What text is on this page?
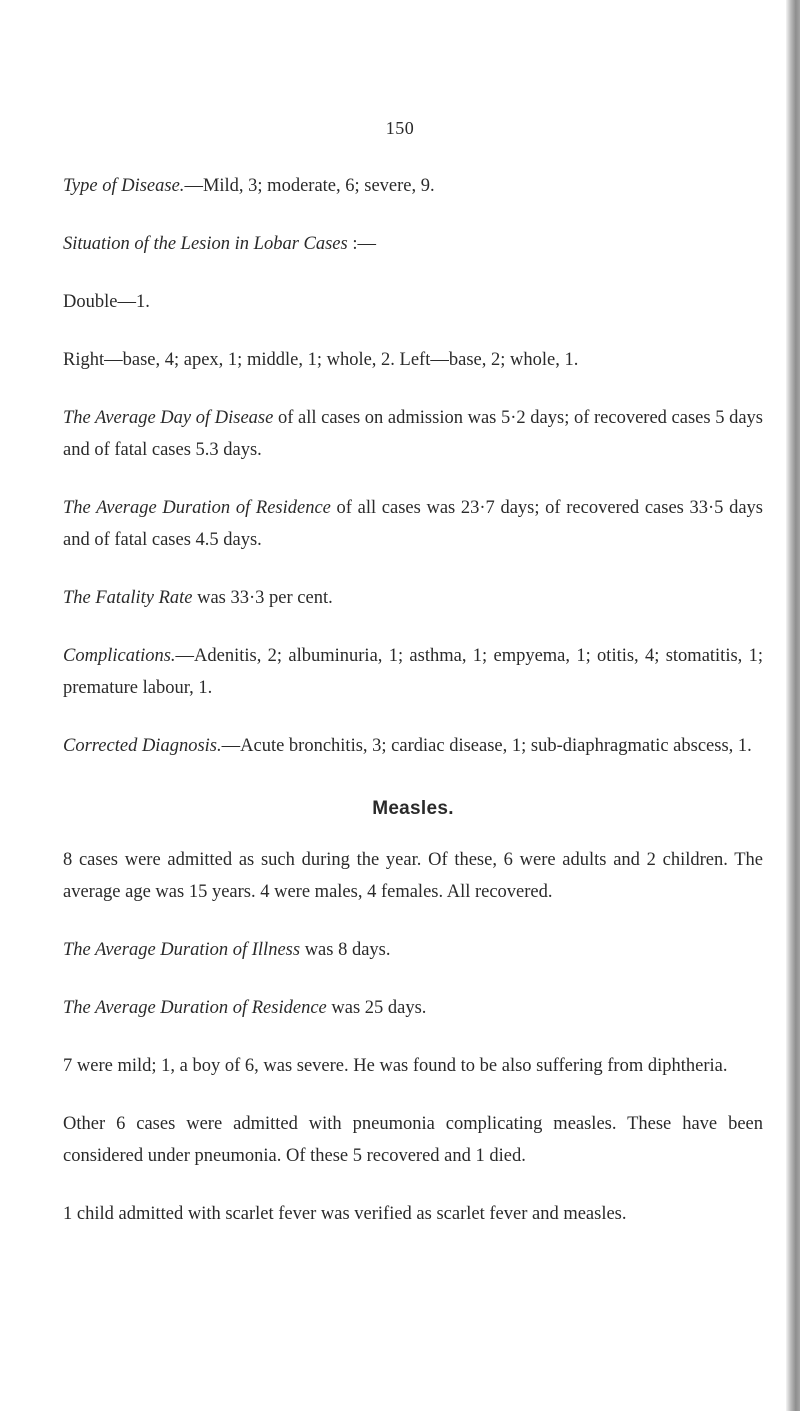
150

Type of Disease.—Mild, 3; moderate, 6; severe, 9.

Situation of the Lesion in Lobar Cases :—

Double—1.

Right—base, 4; apex, 1; middle, 1; whole, 2. Left—base, 2; whole, 1.

The Average Day of Disease of all cases on admission was 5·2 days; of recovered cases 5 days and of fatal cases 5.3 days.

The Average Duration of Residence of all cases was 23·7 days; of recovered cases 33·5 days and of fatal cases 4.5 days.

The Fatality Rate was 33·3 per cent.

Complications.—Adenitis, 2; albuminuria, 1; asthma, 1; empyema, 1; otitis, 4; stomatitis, 1; premature labour, 1.

Corrected Diagnosis.—Acute bronchitis, 3; cardiac disease, 1; sub-diaphragmatic abscess, 1.

Measles.

8 cases were admitted as such during the year. Of these, 6 were adults and 2 children. The average age was 15 years. 4 were males, 4 females. All recovered.

The Average Duration of Illness was 8 days.

The Average Duration of Residence was 25 days.

7 were mild; 1, a boy of 6, was severe. He was found to be also suffering from diphtheria.

Other 6 cases were admitted with pneumonia complicating measles. These have been considered under pneumonia. Of these 5 recovered and 1 died.

1 child admitted with scarlet fever was verified as scarlet fever and measles.
